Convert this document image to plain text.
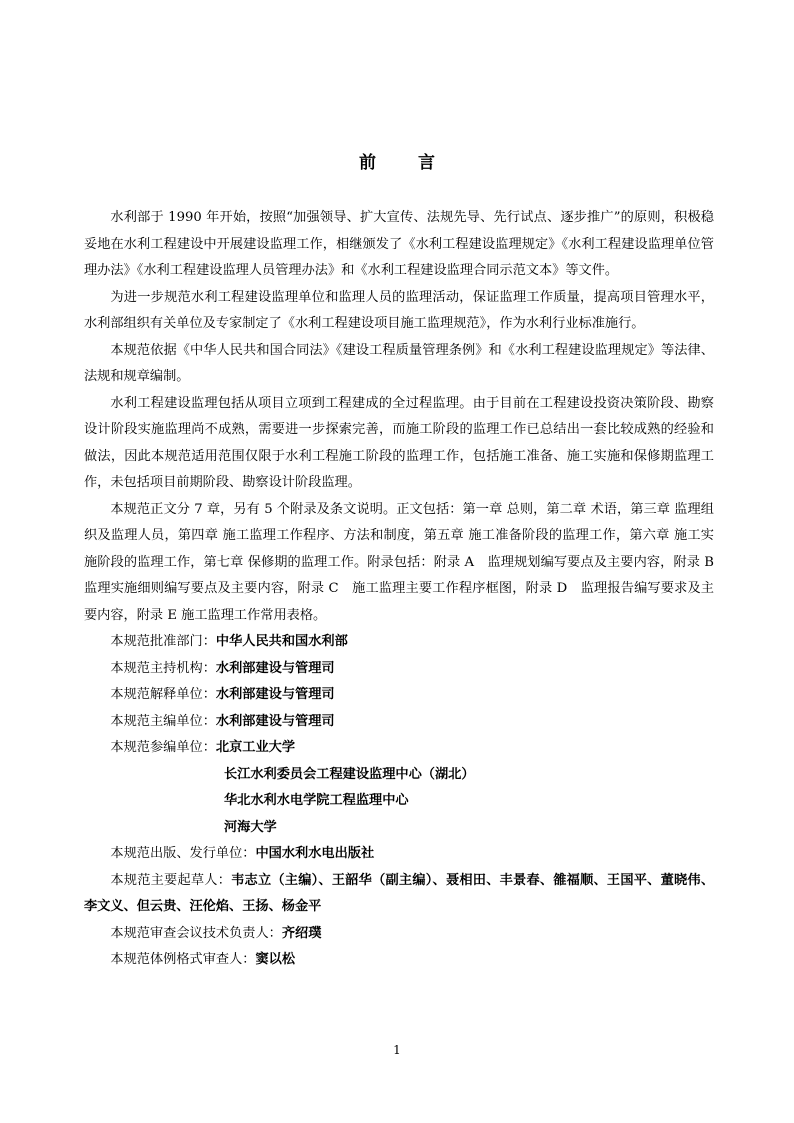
前 言

水利部于 1990 年开始，按照“加强领导、扩大宣传、法规先导、先行试点、逐步推广”的原则，积极稳妥地在水利工程建设中开展建设监理工作，相继颁发了《水利工程建设监理规定》《水利工程建设监理单位管理办法》《水利工程建设监理人员管理办法》和《水利工程建设监理合同示范文本》等文件。

为进一步规范水利工程建设监理单位和监理人员的监理活动，保证监理工作质量，提高项目管理水平，水利部组织有关单位及专家制定了《水利工程建设项目施工监理规范》，作为水利行业标准施行。

本规范依据《中华人民共和国合同法》《建设工程质量管理条例》和《水利工程建设监理规定》等法律、法规和规章编制。

水利工程建设监理包括从项目立项到工程建成的全过程监理。由于目前在工程建设投资决策阶段、勘察设计阶段实施监理尚不成熟，需要进一步探索完善，而施工阶段的监理工作已总结出一套比较成熟的经验和做法，因此本规范适用范围仅限于水利工程施工阶段的监理工作，包括施工准备、施工实施和保修期监理工作，未包括项目前期阶段、勘察设计阶段监理。

本规范正文分 7 章，另有 5 个附录及条文说明。正文包括：第一章 总则，第二章 术语，第三章 监理组织及监理人员，第四章 施工监理工作程序、方法和制度，第五章 施工准备阶段的监理工作，第六章 施工实施阶段的监理工作，第七章 保修期的监理工作。附录包括：附录 A　监理规划编写要点及主要内容，附录 B　监理实施细则编写要点及主要内容，附录 C　施工监理主要工作程序框图，附录 D　监理报告编写要求及主要内容，附录 E 施工监理工作常用表格。

本规范批准部门：中华人民共和国水利部

本规范主持机构：水利部建设与管理司

本规范解释单位：水利部建设与管理司

本规范主编单位：水利部建设与管理司

本规范参编单位：北京工业大学

长江水利委员会工程建设监理中心（湖北）

华北水利水电学院工程监理中心

河海大学

本规范出版、发行单位：中国水利水电出版社

本规范主要起草人：韦志立（主编）、王韶华（副主编）、聂相田、丰景春、雒福顺、王国平、董晓伟、李文义、但云贵、汪伦焰、王扬、杨金平

本规范审查会议技术负责人：齐绍璞

本规范体例格式审查人：窦以松

1
